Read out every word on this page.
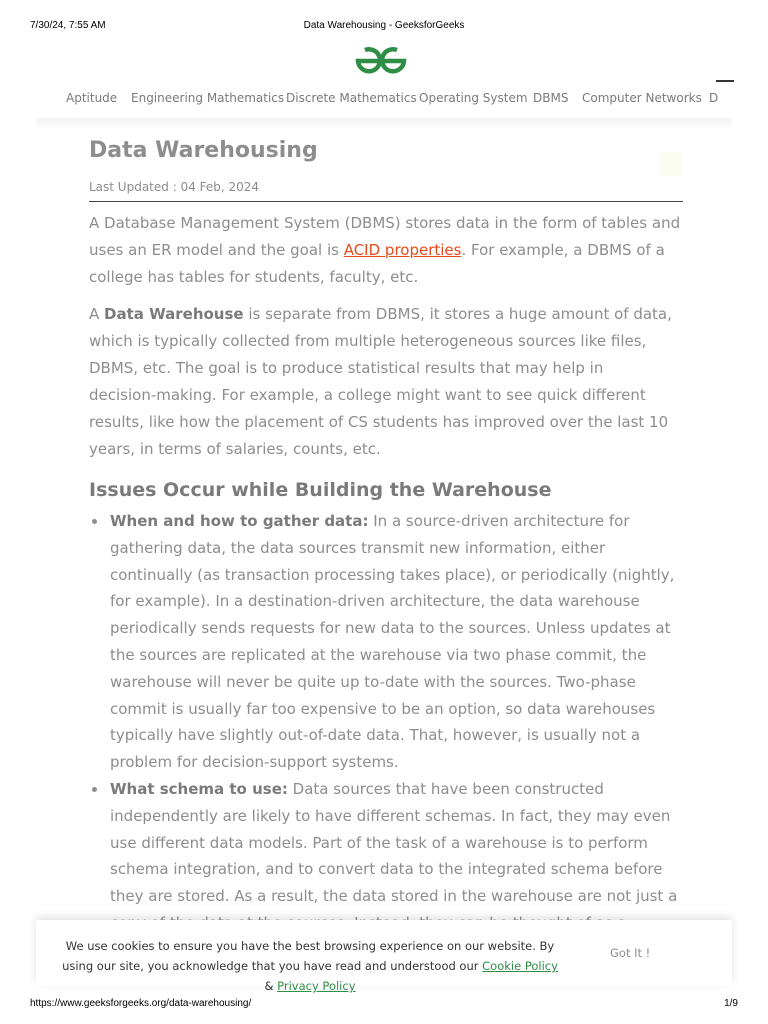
7/30/24, 7:55 AM	Data Warehousing - GeeksforGeeks
Aptitude Engineering Mathematics Discrete Mathematics Operating System DBMS Computer Networks D
Data Warehousing
Last Updated : 04 Feb, 2024

A Database Management System (DBMS) stores data in the form of tables and uses an ER model and the goal is ACID properties. For example, a DBMS of a college has tables for students, faculty, etc.

A Data Warehouse is separate from DBMS, it stores a huge amount of data, which is typically collected from multiple heterogeneous sources like files, DBMS, etc. The goal is to produce statistical results that may help in decision-making. For example, a college might want to see quick different results, like how the placement of CS students has improved over the last 10 years, in terms of salaries, counts, etc.

Issues Occur while Building the Warehouse

When and how to gather data: In a source-driven architecture for gathering data, the data sources transmit new information, either continually (as transaction processing takes place), or periodically (nightly, for example). In a destination-driven architecture, the data warehouse periodically sends requests for new data to the sources. Unless updates at the sources are replicated at the warehouse via two phase commit, the warehouse will never be quite up to-date with the sources. Two-phase commit is usually far too expensive to be an option, so data warehouses typically have slightly out-of-date data. That, however, is usually not a problem for decision-support systems.

What schema to use: Data sources that have been constructed independently are likely to have different schemas. In fact, they may even use different data models. Part of the task of a warehouse is to perform schema integration, and to convert data to the integrated schema before they are stored. As a result, the data stored in the warehouse are not just a

We use cookies to ensure you have the best browsing experience on our website. By using our site, you acknowledge that you have read and understood our Cookie Policy & Privacy Policy
Got It !
https://www.geeksforgeeks.org/data-warehousing/	1/9
